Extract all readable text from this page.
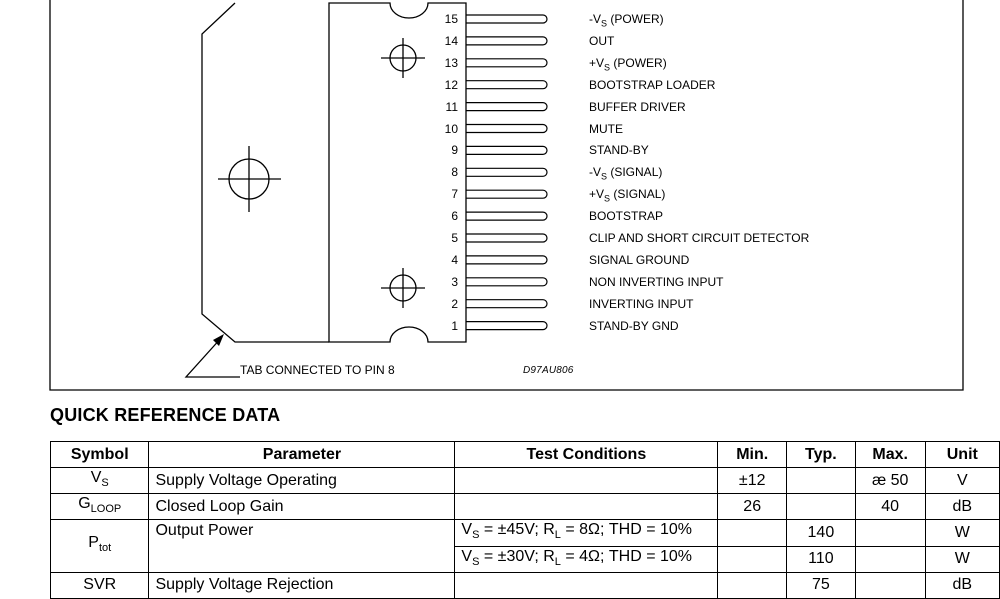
15	$-V_S$ (POWER)
14	OUT
13	$+V_S$ (POWER)
12	BOOTSTRAP LOADER
11	BUFFER DRIVER
10	MUTE
9	STAND-BY
8	$-V_S$ (SIGNAL)
7	$+V_S$ (SIGNAL)
6	BOOTSTRAP
5	CLIP AND SHORT CIRCUIT DETECTOR
4	SIGNAL GROUND
3	NON INVERTING INPUT
2	INVERTING INPUT
1	STAND-BY GND
TAB CONNECTED TO PIN 8	D97AU806
QUICK REFERENCE DATA
Symbol	Parameter	Test Conditions	Min.	Typ.	Max.	Unit
$V_S$	Supply Voltage Operating		±12		æ 50	V
$G_{LOOP}$	Closed Loop Gain		26		40	dB
$P_{tot}$	Output Power	$V_S = \pm 45V$; $R_L = 8\Omega$; THD = 10%		140		W
		$V_S = \pm 30V$; $R_L = 4\Omega$; THD = 10%		110		W
SVR	Supply Voltage Rejection			75		dB
